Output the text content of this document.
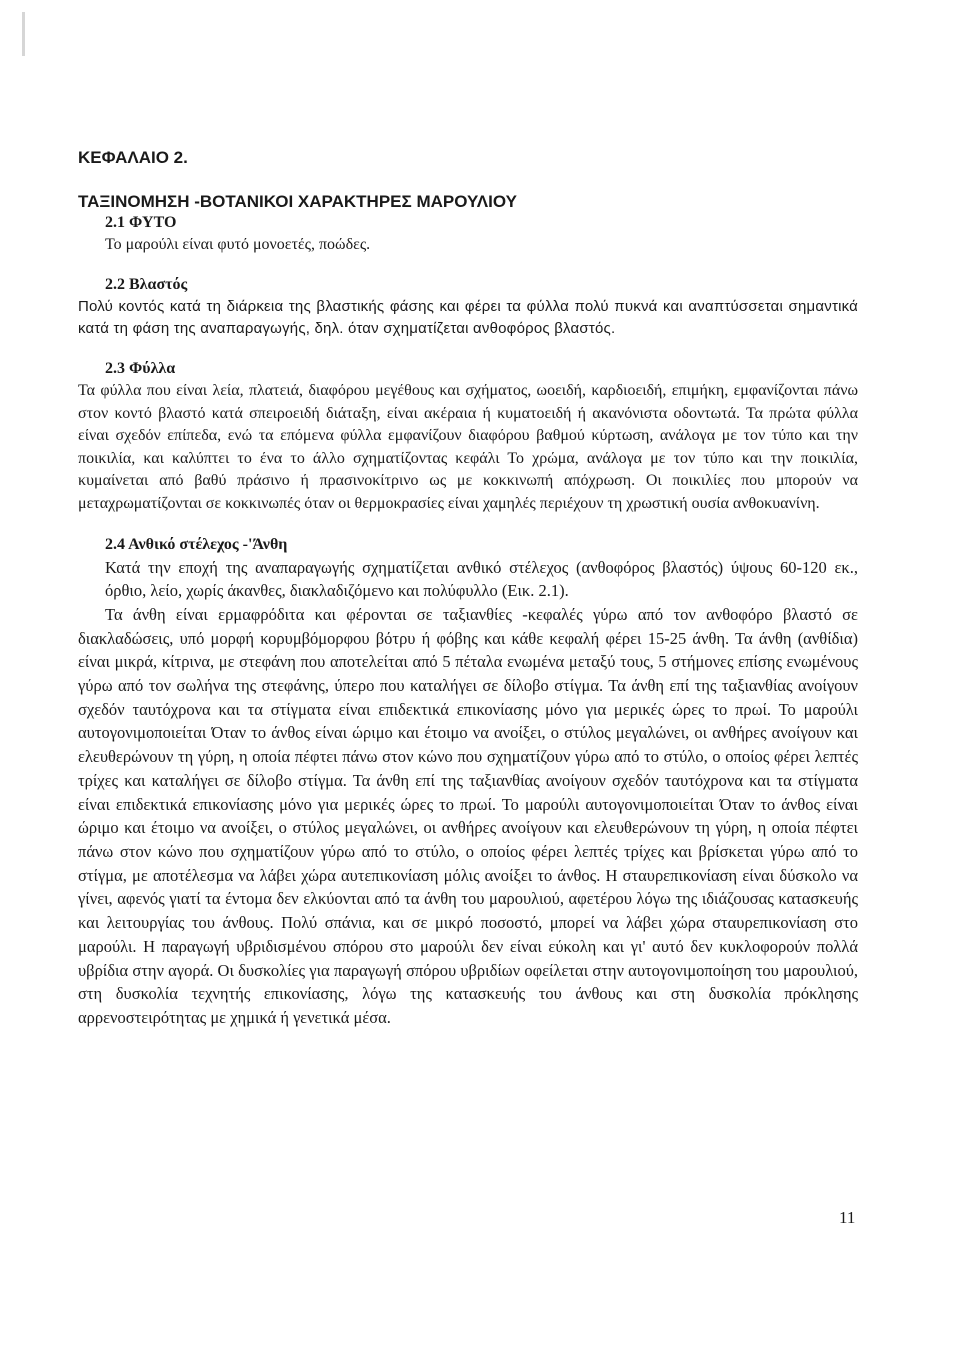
ΚΕΦΑΛΑΙΟ 2.
ΤΑΞΙΝΟΜΗΣΗ -ΒΟΤΑΝΙΚΟΙ ΧΑΡΑΚΤΗΡΕΣ ΜΑΡΟΥΛΙΟΥ
2.1 ΦΥΤΟ

Το μαρούλι είναι φυτό μονοετές, ποώδες.

2.2 Βλαστός

Πολύ κοντός κατά τη διάρκεια της βλαστικής φάσης και φέρει τα φύλλα πολύ πυκνά και αναπτύσσεται σημαντικά κατά τη φάση της αναπαραγωγής, δηλ. όταν σχηματίζεται ανθοφόρος βλαστός.

2.3 Φύλλα

Τα φύλλα που είναι λεία, πλατειά, διαφόρου μεγέθους και σχήματος, ωοειδή, καρδιοειδή, επιμήκη, εμφανίζονται πάνω στον κοντό βλαστό κατά σπειροειδή διάταξη, είναι ακέραια ή κυματοειδή ή ακανόνιστα οδοντωτά. Τα πρώτα φύλλα είναι σχεδόν επίπεδα, ενώ τα επόμενα φύλλα εμφανίζουν διαφόρου βαθμού κύρτωση, ανάλογα με τον τύπο και την ποικιλία, και καλύπτει το ένα το άλλο σχηματίζοντας κεφάλι Το χρώμα, ανάλογα με τον τύπο και την ποικιλία, κυμαίνεται από βαθύ πράσινο ή πρασινοκίτρινο ως με κοκκινωπή απόχρωση. Οι ποικιλίες που μπορούν να μεταχρωματίζονται σε κοκκινωπές όταν οι θερμοκρασίες είναι χαμηλές περιέχουν τη χρωστική ουσία ανθοκυανίνη.

2.4 Ανθικό στέλεχος -'Άνθη

Κατά την εποχή της αναπαραγωγής σχηματίζεται ανθικό στέλεχος (ανθοφόρος βλαστός) ύψους 60-120 εκ., όρθιο, λείο, χωρίς άκανθες, διακλαδιζόμενο και πολύφυλλο (Εικ. 2.1).

Τα άνθη είναι ερμαφρόδιτα και φέρονται σε ταξιανθίες -κεφαλές γύρω από τον ανθοφόρο βλαστό σε διακλαδώσεις, υπό μορφή κορυμβόμορφου βότρυ ή φόβης και κάθε κεφαλή φέρει 15-25 άνθη. Τα άνθη (ανθίδια) είναι μικρά, κίτρινα, με στεφάνη που αποτελείται από 5 πέταλα ενωμένα μεταξύ τους, 5 στήμονες επίσης ενωμένους γύρω από τον σωλήνα της στεφάνης, ύπερο που καταλήγει σε δίλοβο στίγμα. Τα άνθη επί της ταξιανθίας ανοίγουν σχεδόν ταυτόχρονα και τα στίγματα είναι επιδεκτικά επικονίασης μόνο για μερικές ώρες το πρωί. Το μαρούλι αυτογονιμοποιείται Όταν το άνθος είναι ώριμο και έτοιμο να ανοίξει, ο στύλος μεγαλώνει, οι ανθήρες ανοίγουν και ελευθερώνουν τη γύρη, η οποία πέφτει πάνω στον κώνο που σχηματίζουν γύρω από το στύλο, ο οποίος φέρει λεπτές τρίχες και καταλήγει σε δίλοβο στίγμα. Τα άνθη επί της ταξιανθίας ανοίγουν σχεδόν ταυτόχρονα και τα στίγματα είναι επιδεκτικά επικονίασης μόνο για μερικές ώρες το πρωί. Το μαρούλι αυτογονιμοποιείται Όταν το άνθος είναι ώριμο και έτοιμο να ανοίξει, ο στύλος μεγαλώνει, οι ανθήρες ανοίγουν και ελευθερώνουν τη γύρη, η οποία πέφτει πάνω στον κώνο που σχηματίζουν γύρω από το στύλο, ο οποίος φέρει λεπτές τρίχες και βρίσκεται γύρω από το στίγμα, με αποτέλεσμα να λάβει χώρα αυτεπικονίαση μόλις ανοίξει το άνθος. Η σταυρεπικονίαση είναι δύσκολο να γίνει, αφενός γιατί τα έντομα δεν ελκύονται από τα άνθη του μαρουλιού, αφετέρου λόγω της ιδιάζουσας κατασκευής και λειτουργίας του άνθους. Πολύ σπάνια, και σε μικρό ποσοστό, μπορεί να λάβει χώρα σταυρεπικονίαση στο μαρούλι. Η παραγωγή υβριδισμένου σπόρου στο μαρούλι δεν είναι εύκολη και γι' αυτό δεν κυκλοφορούν πολλά υβρίδια στην αγορά. Οι δυσκολίες για παραγωγή σπόρου υβριδίων οφείλεται στην αυτογονιμοποίηση του μαρουλιού, στη δυσκολία τεχνητής επικονίασης, λόγω της κατασκευής του άνθους και στη δυσκολία πρόκλησης αρρενοστειρότητας με χημικά ή γενετικά μέσα.

11
